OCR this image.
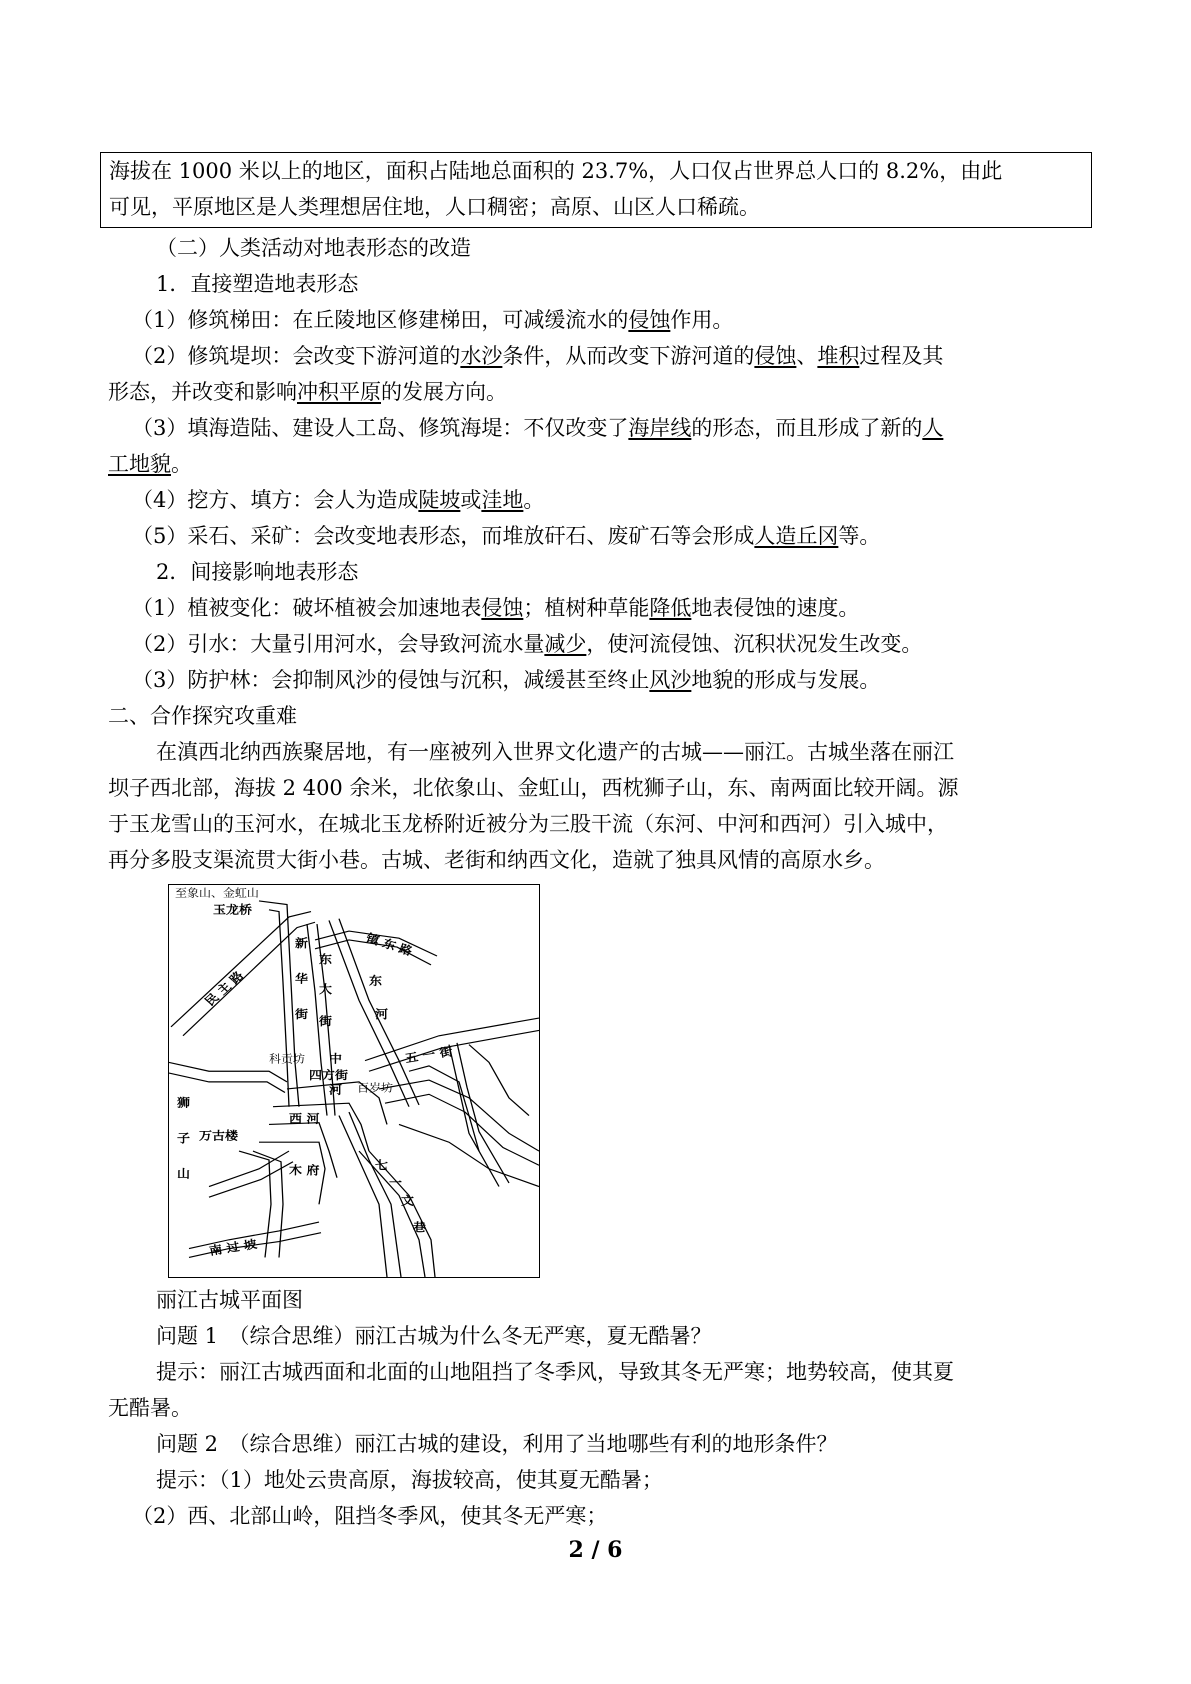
海拔在 1000 米以上的地区，面积占陆地总面积的 23.7%，人口仅占世界总人口的 8.2%，由此
可见，平原地区是人类理想居住地，人口稠密；高原、山区人口稀疏。
（二）人类活动对地表形态的改造
1．直接塑造地表形态
（1）修筑梯田：在丘陵地区修建梯田，可减缓流水的侵蚀作用。
（2）修筑堤坝：会改变下游河道的水沙条件，从而改变下游河道的侵蚀、堆积过程及其
形态，并改变和影响冲积平原的发展方向。
（3）填海造陆、建设人工岛、修筑海堤：不仅改变了海岸线的形态，而且形成了新的人
工地貌。
（4）挖方、填方：会人为造成陡坡或洼地。
（5）采石、采矿：会改变地表形态，而堆放矸石、废矿石等会形成人造丘冈等。
2．间接影响地表形态
（1）植被变化：破坏植被会加速地表侵蚀；植树种草能降低地表侵蚀的速度。
（2）引水：大量引用河水，会导致河流水量减少，使河流侵蚀、沉积状况发生改变。
（3）防护林：会抑制风沙的侵蚀与沉积，减缓甚至终止风沙地貌的形成与发展。
二、合作探究攻重难
在滇西北纳西族聚居地，有一座被列入世界文化遗产的古城——丽江。古城坐落在丽江
坝子西北部，海拔 2 400 余米，北依象山、金虹山，西枕狮子山，东、南两面比较开阔。源
至象山、金虹山
玉龙桥
民 主 路
新
华
街
东
大
街
镇 东 路
东
河
中
河
科贡坊
四方街
百岁坊
五 一 街
狮
子
山
万古楼
西 河
木 府	七
一
文
巷
南 过 坡
丽江古城平面图
问题 1　（综合思维）丽江古城为什么冬无严寒，夏无酷暑？
提示：丽江古城西面和北面的山地阻挡了冬季风，导致其冬无严寒；地势较高，使其夏
无酷暑。
问题 2　（综合思维）丽江古城的建设，利用了当地哪些有利的地形条件？
提示：（1）地处云贵高原，海拔较高，使其夏无酷暑；
（2）西、北部山岭，阻挡冬季风，使其冬无严寒；
2 / 6
于玉龙雪山的玉河水，在城北玉龙桥附近被分为三股干流（东河、中河和西河）引入城中，
再分多股支渠流贯大街小巷。古城、老街和纳西文化，造就了独具风情的高原水乡。
